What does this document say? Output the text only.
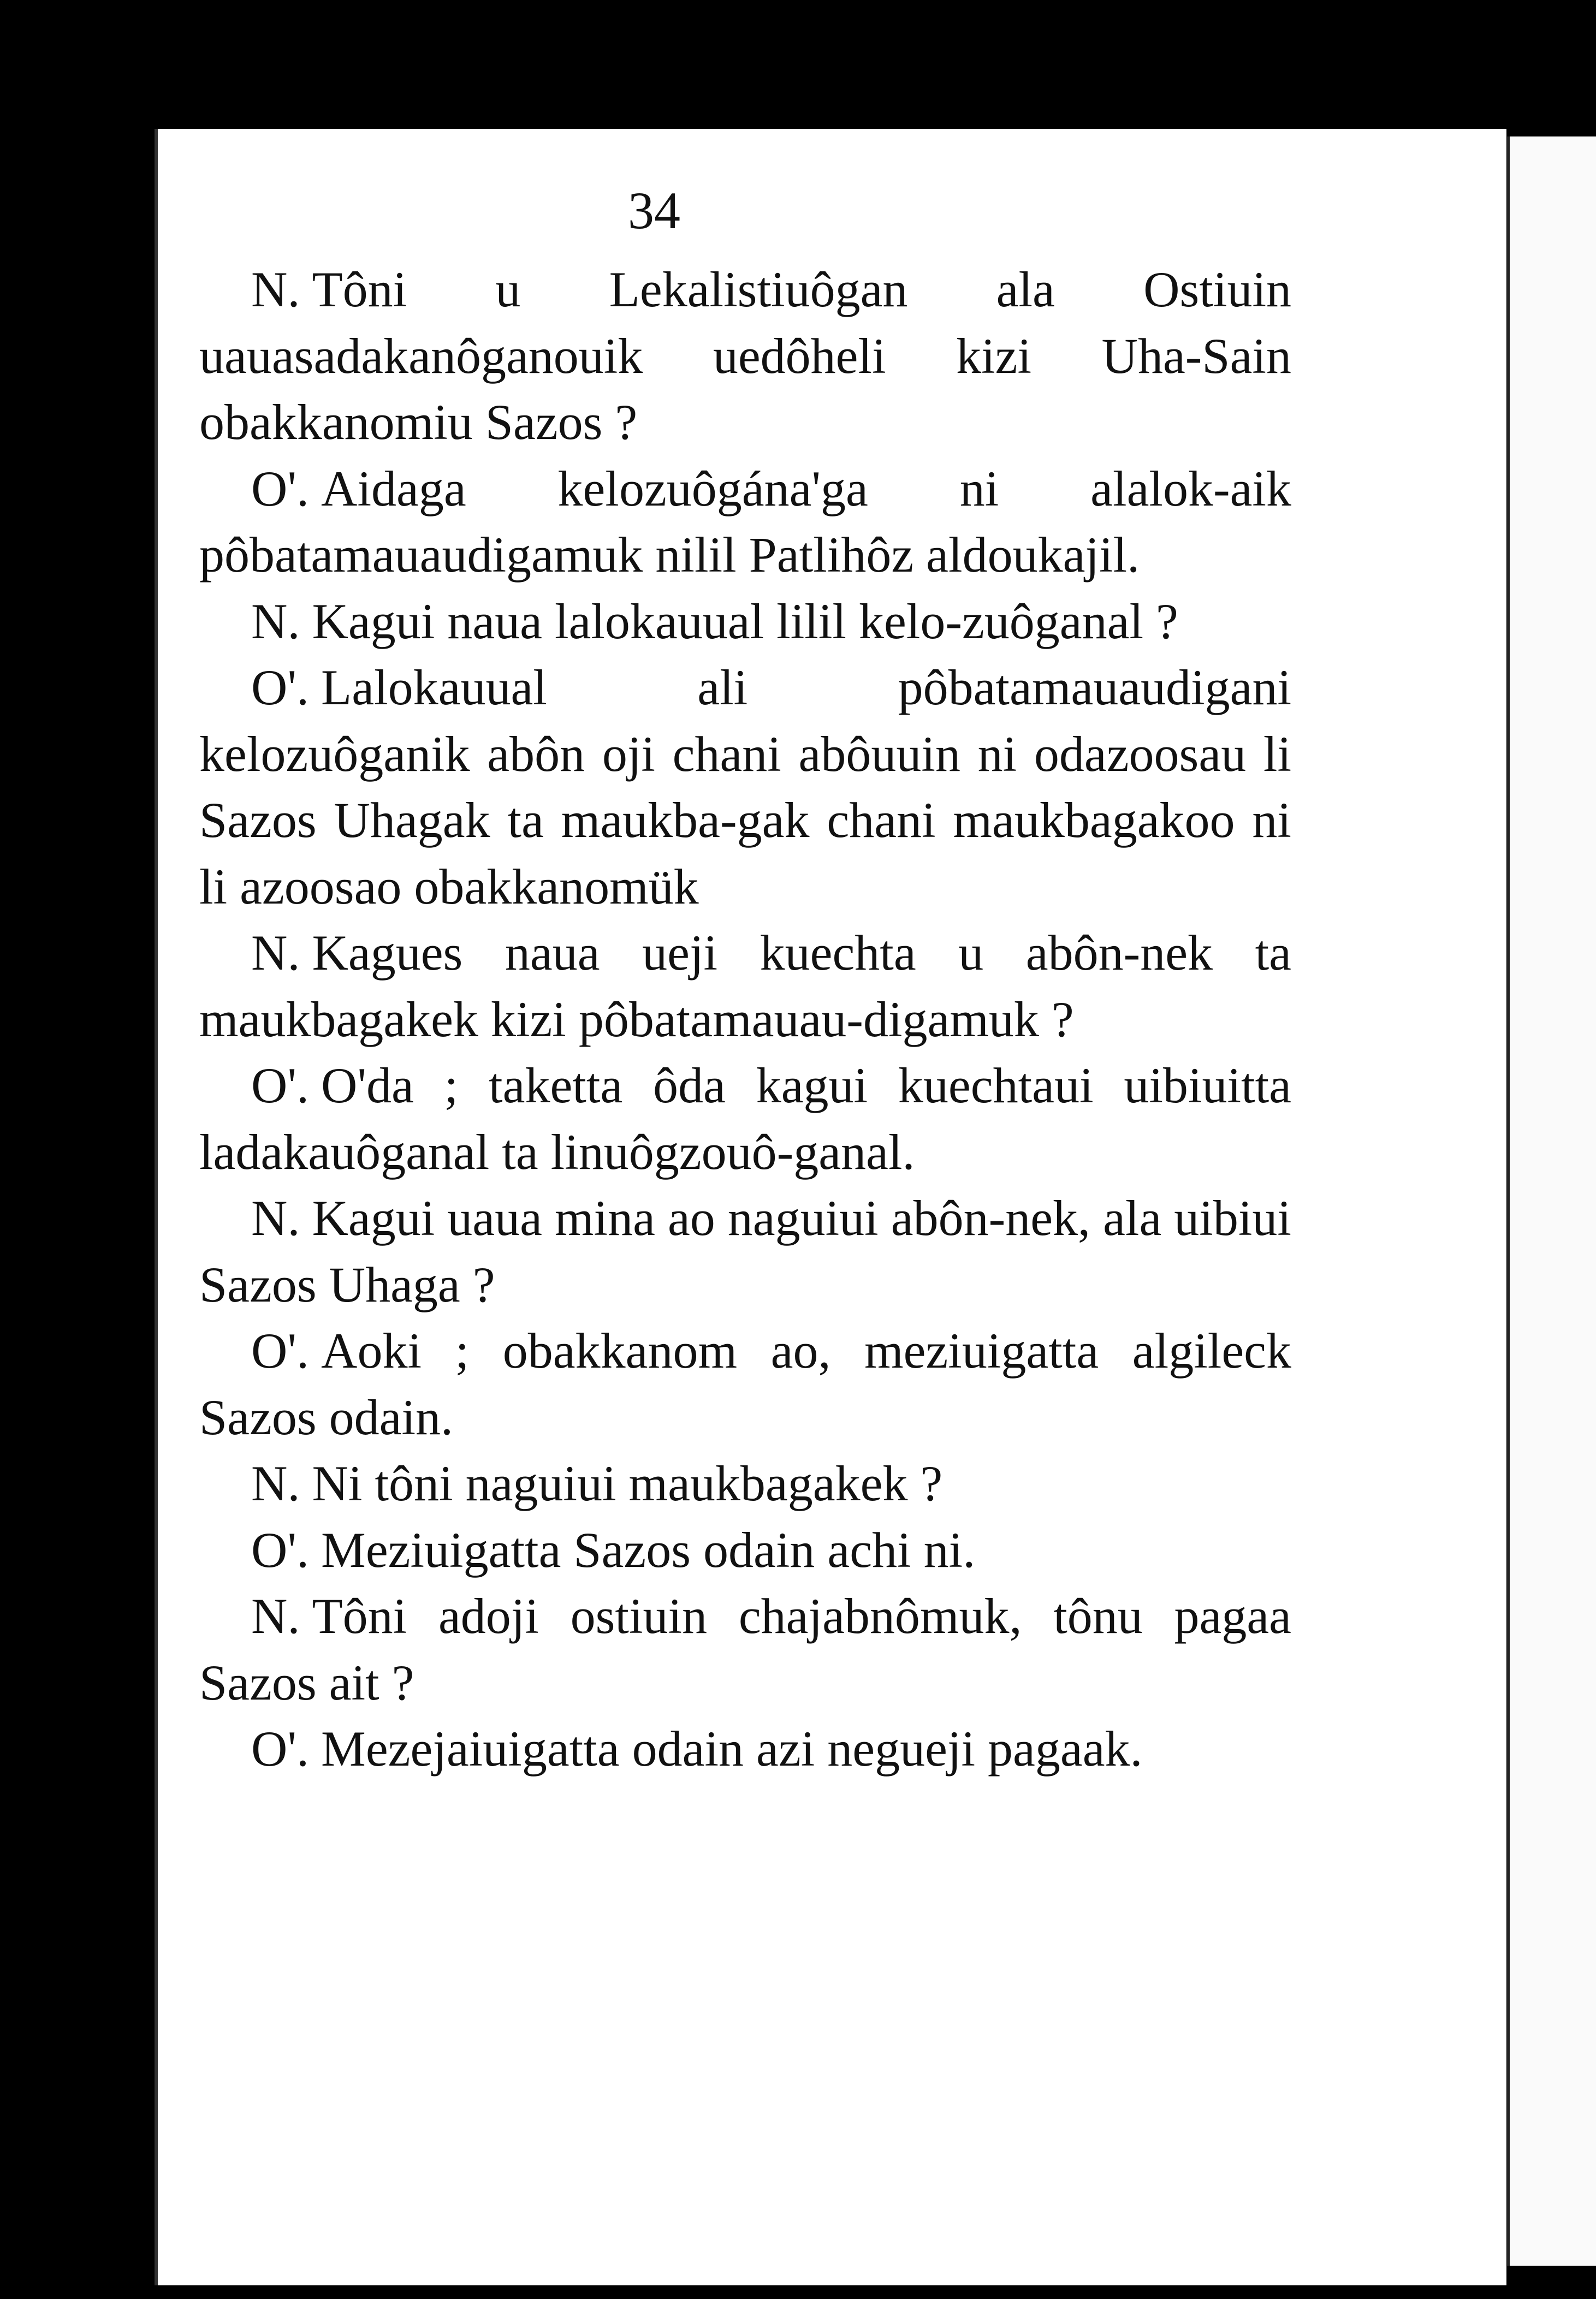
34

N. Tôni u Lekalistiuôgan ala Ostiuin uauasadakanôganouik uedôheli kizi Uha-Sain obakkanomiu Sazos ?

O'. Aidaga kelozuôgána'ga ni alalok-aik pôbatamauaudigamuk nilil Patlihôz aldoukajil.

N. Kagui naua lalokauual lilil kelo-zuôganal ?

O'. Lalokauual ali pôbatamauaudigani kelozuôganik abôn oji chani abôuuin ni odazoosau li Sazos Uhagak ta maukba-gak chani maukbagakoo ni li azoosao obakkanomük

N. Kagues naua ueji kuechta u abôn-nek ta maukbagakek kizi pôbatamauau-digamuk ?

O'. O'da ; taketta ôda kagui kuechtaui uibiuitta ladakauôganal ta linuôgzouô-ganal.

N. Kagui uaua mina ao naguiui abôn-nek, ala uibiui Sazos Uhaga ?

O'. Aoki ; obakkanom ao, meziuigatta algileck Sazos odain.

N. Ni tôni naguiui maukbagakek ?

O'. Meziuigatta Sazos odain achi ni.

N. Tôni adoji ostiuin chajabnômuk, tônu pagaa Sazos ait ?

O'. Mezejaiuigatta odain azi negueji pagaak.
